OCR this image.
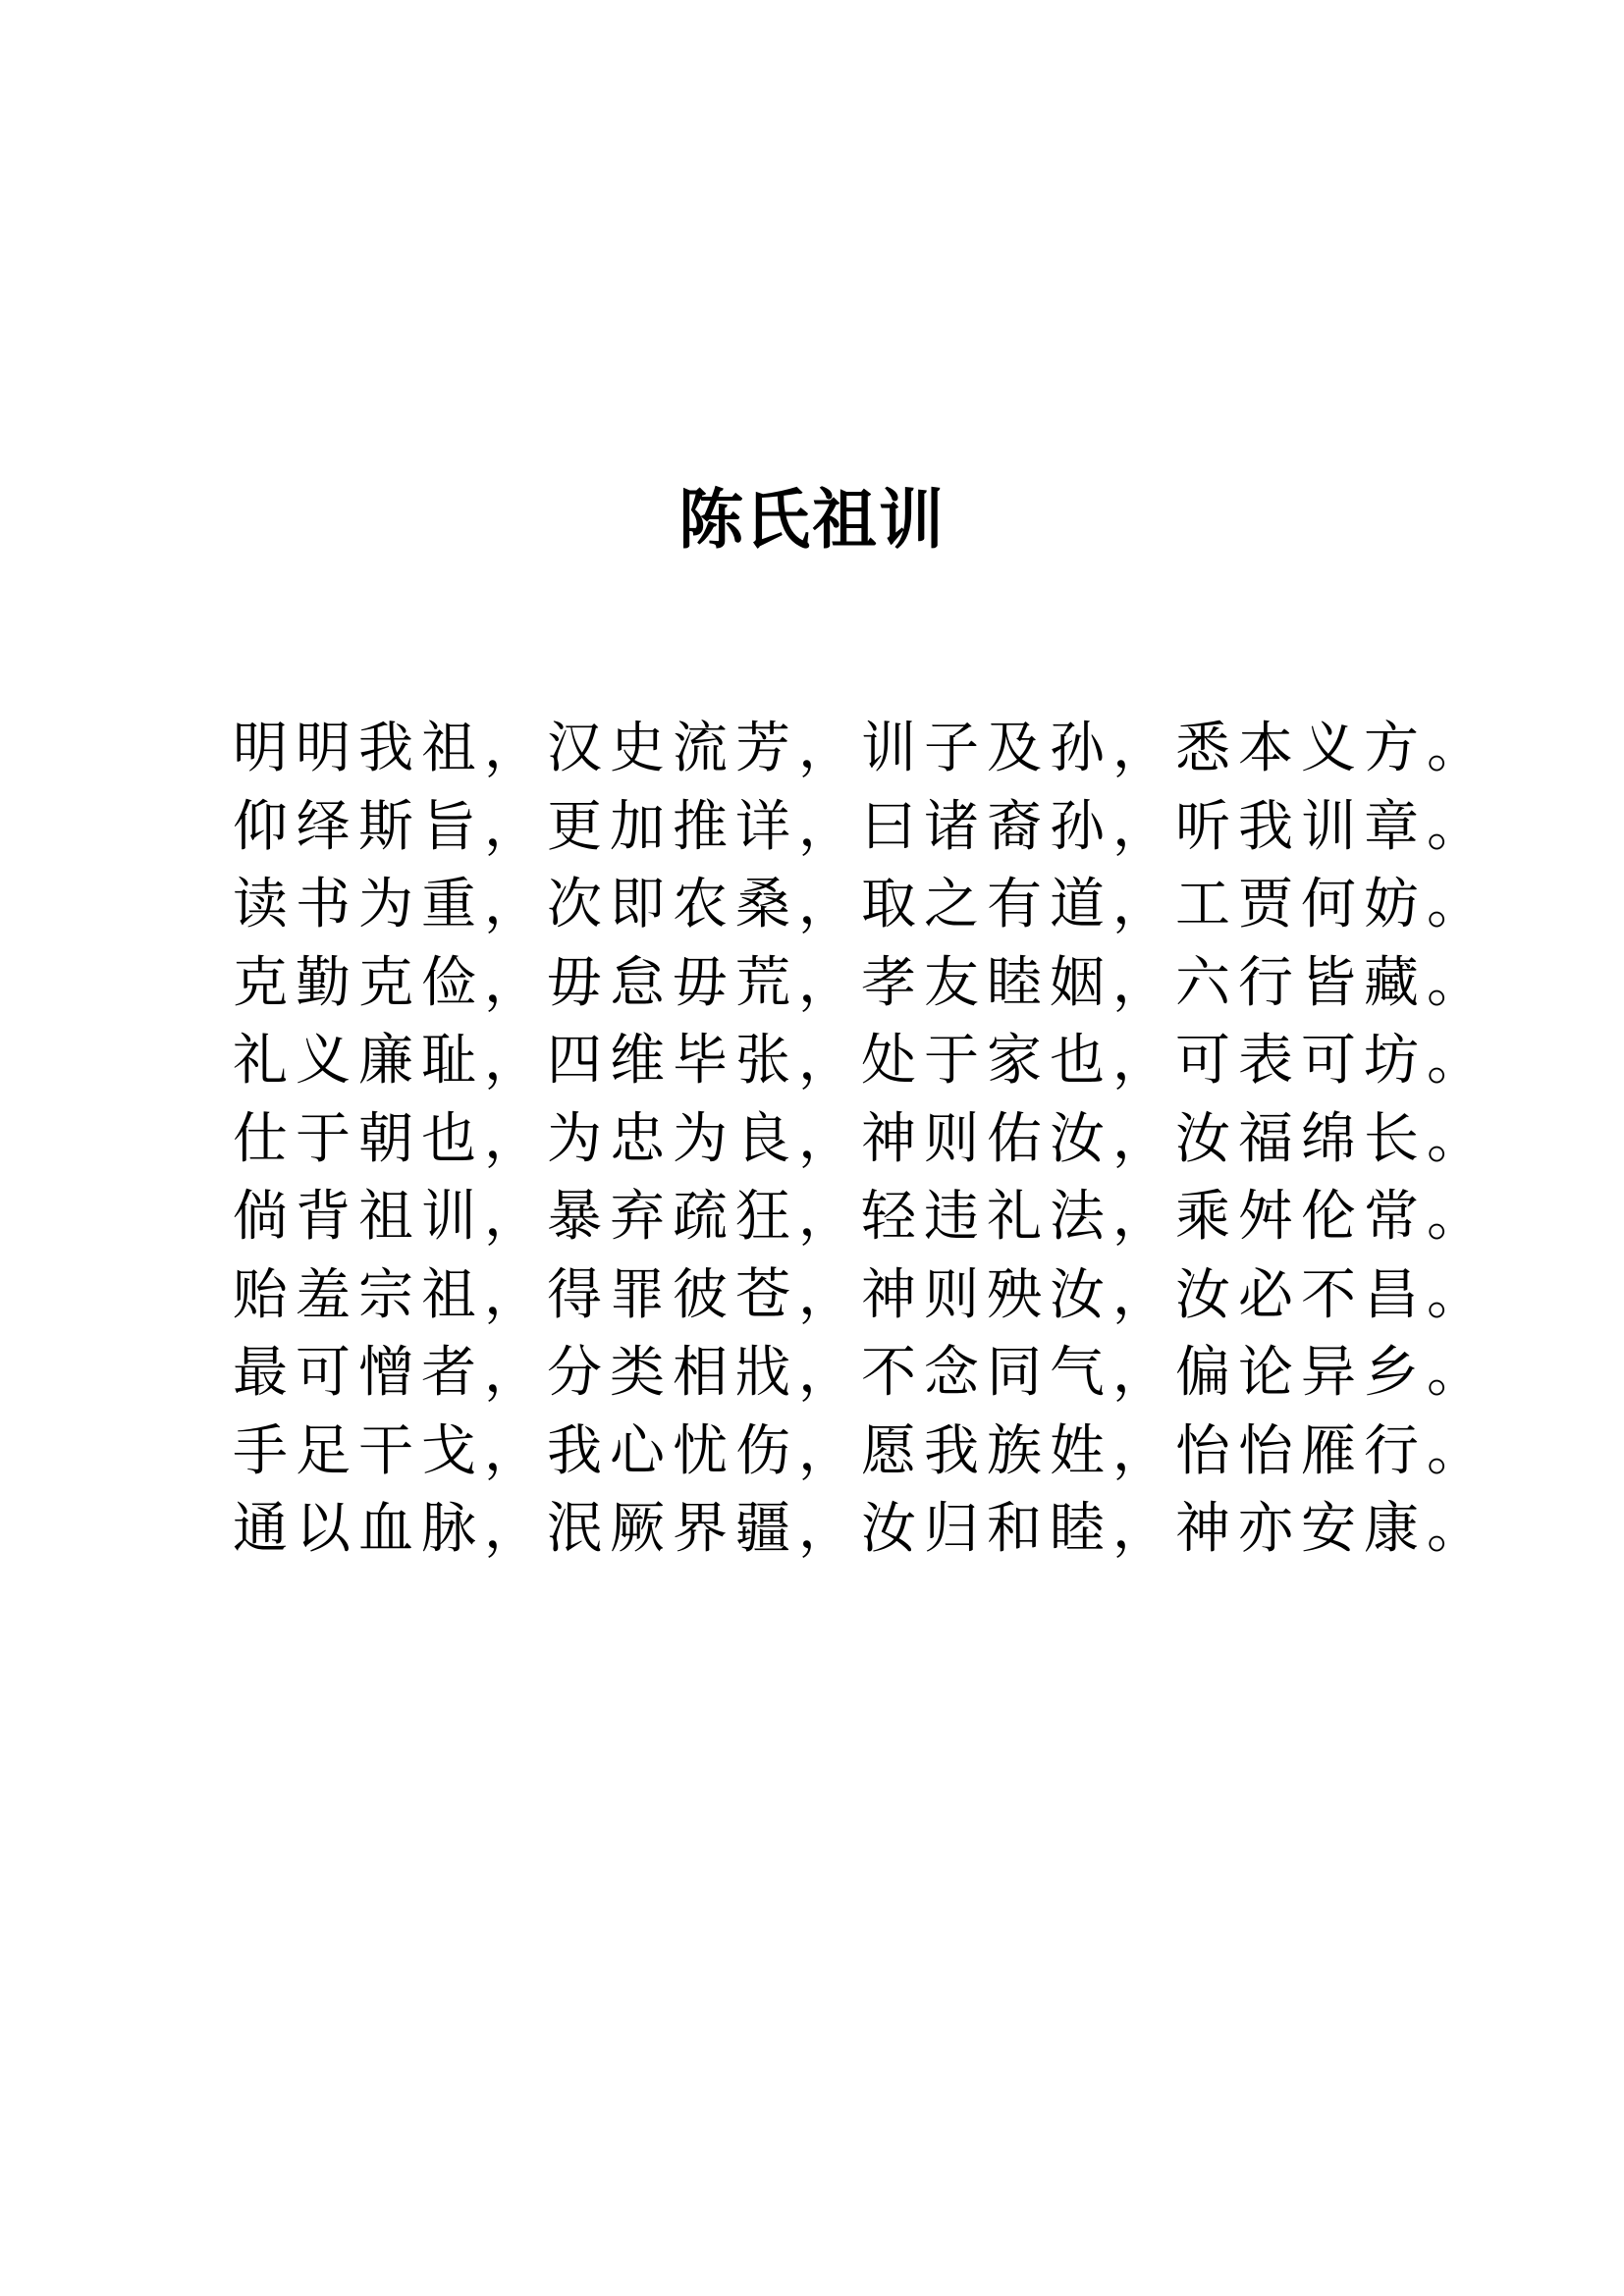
陈氏祖训
明明我祖，汉史流芳，训子及孙，悉本义方。
仰绎斯旨，更加推详，曰诸裔孙，听我训章。
读书为重，次即农桑，取之有道，工贾何妨。
克勤克俭，毋怠毋荒，孝友睦姻，六行皆藏。
礼义廉耻，四维毕张，处于家也，可表可坊。
仕于朝也，为忠为良，神则佑汝，汝福绵长。
倘背祖训，暴弃疏狂，轻违礼法，乘舛伦常。
贻羞宗祖，得罪彼苍，神则殃汝，汝必不昌。
最可憎者，分类相戕，不念同气，偏论异乡。
手足干戈，我心忧伤，愿我族姓，怡怡雁行。
通以血脉，泯厥界疆，汝归和睦，神亦安康。
